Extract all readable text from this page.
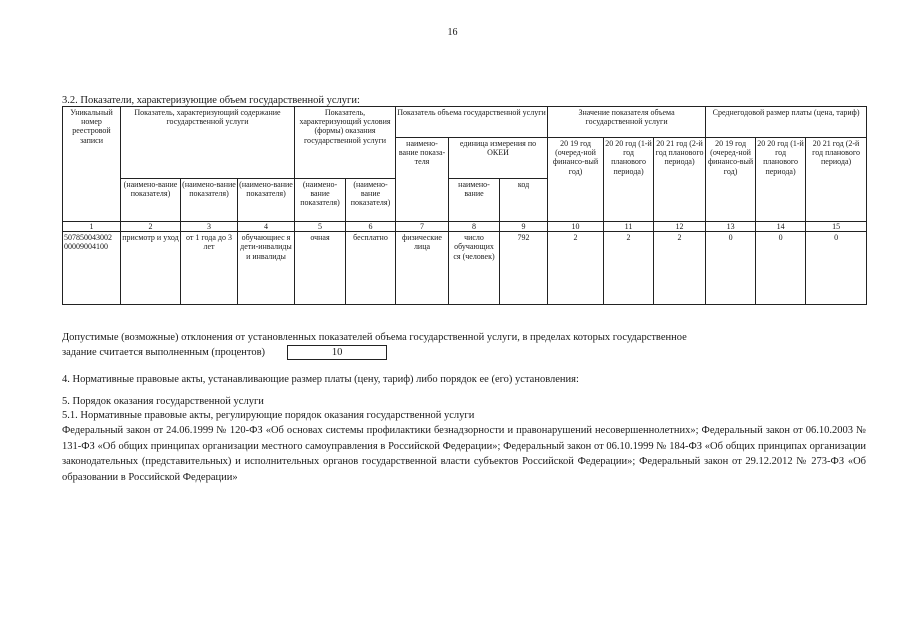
16
3.2. Показатели, характеризующие объем государственной услуги:
Уникальный номер реестровой записи	Показатель, характеризующий содержание государственной услуги			Показатель, характеризующий условия (формы) оказания государственной услуги		Показатель объема государственной услуги			Значение показателя объема государственной услуги			Среднегодовой размер платы (цена, тариф)		
						наимено-вание показа-теля	единица измерения по ОКЕИ		20 19 год (очеред-ной финансо-вый год)	20 20 год (1-й год планового периода)	20 21 год (2-й год планового периода)	20 19 год (очеред-ной финансо-вый год)	20 20 год (1-й год планового периода)	20 21 год (2-й год планового периода)
	(наимено-вание показателя)	(наимено-вание показателя)	(наимено-вание показателя)	(наимено-вание показателя)	(наимено-вание показателя)		наимено-вание	код						
1	2	3	4	5	6	7	8	9	10	11	12	13	14	15
507850043002 00009004100	присмотр и уход	от 1 года до 3 лет	обучающиес я дети-инвалиды и инвалиды	очная	бесплатно	физические лица	число обучающих ся (человек)	792	2	2	2	0	0	0
Допустимые (возможные) отклонения от установленных показателей объема государственной услуги, в пределах которых государственное
задание считается выполненным (процентов)	10
4. Нормативные правовые акты, устанавливающие размер платы (цену, тариф) либо порядок ее (его) установления:
5. Порядок оказания государственной услуги
5.1. Нормативные правовые акты, регулирующие порядок оказания государственной услуги
Федеральный закон от 24.06.1999 № 120-ФЗ «Об основах системы профилактики безнадзорности и правонарушений несовершеннолетних»; Федеральный закон от 06.10.2003 № 131-ФЗ «Об общих принципах организации местного самоуправления в Российской Федерации»; Федеральный закон от 06.10.1999 № 184-ФЗ «Об общих принципах организации законодательных (представительных) и исполнительных органов государственной власти субъектов Российской Федерации»; Федеральный закон от 29.12.2012 № 273-ФЗ «Об образовании в Российской Федерации»
